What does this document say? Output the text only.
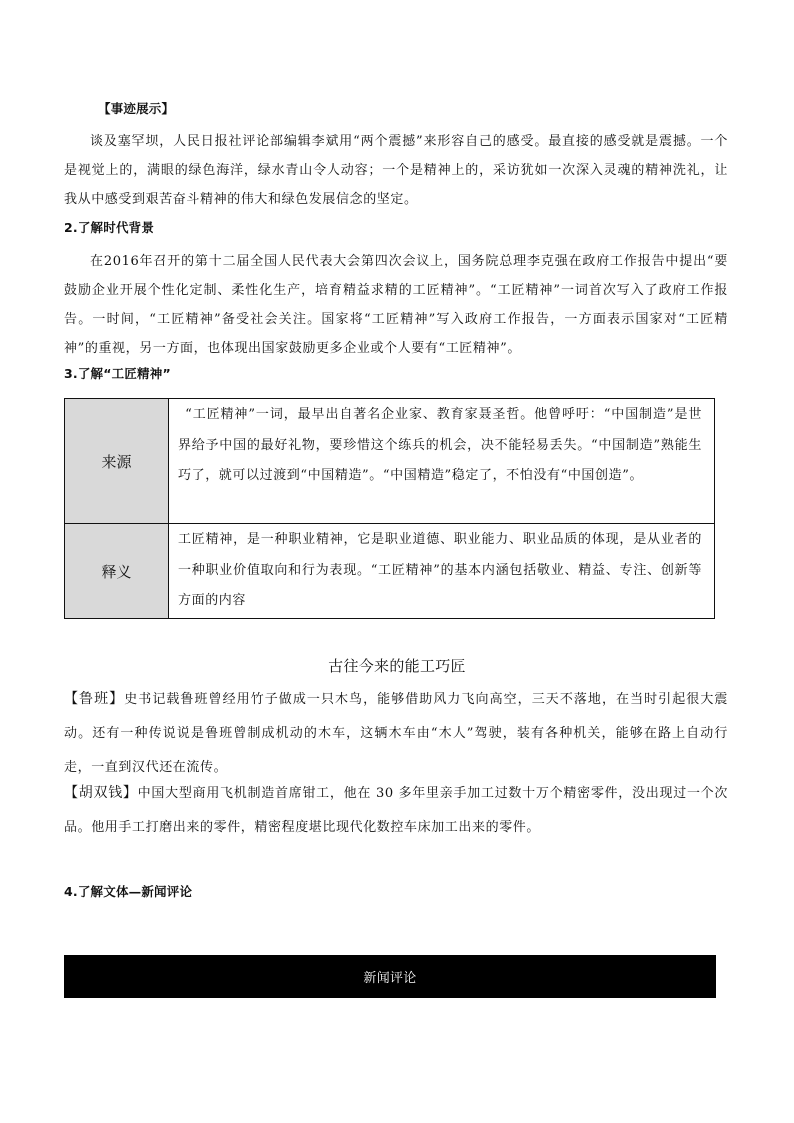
【事迹展示】

谈及塞罕坝，人民日报社评论部编辑李斌用“两个震撼”来形容自己的感受。最直接的感受就是震撼。一个是视觉上的，满眼的绿色海洋，绿水青山令人动容；一个是精神上的，采访犹如一次深入灵魂的精神洗礼，让我从中感受到艰苦奋斗精神的伟大和绿色发展信念的坚定。

2.了解时代背景

在2016年召开的第十二届全国人民代表大会第四次会议上，国务院总理李克强在政府工作报告中提出“要鼓励企业开展个性化定制、柔性化生产，培育精益求精的工匠精神”。“工匠精神”一词首次写入了政府工作报告。一时间，“工匠精神”备受社会关注。国家将“工匠精神”写入政府工作报告，一方面表示国家对“工匠精神”的重视，另一方面，也体现出国家鼓励更多企业或个人要有“工匠精神”。

3.了解“工匠精神”
来源

“工匠精神”一词，最早出自著名企业家、教育家聂圣哲。他曾呼吁：“中国制造”是世界给予中国的最好礼物，要珍惜这个练兵的机会，决不能轻易丢失。“中国制造”熟能生巧了，就可以过渡到“中国精造”。“中国精造”稳定了，不怕没有“中国创造”。

释义

工匠精神，是一种职业精神，它是职业道德、职业能力、职业品质的体现，是从业者的一种职业价值取向和行为表现。“工匠精神”的基本内涵包括敬业、精益、专注、创新等方面的内容

古往今来的能工巧匠
【鲁班】史书记载鲁班曾经用竹子做成一只木鸟，能够借助风力飞向高空，三天不落地，在当时引起很大震动。还有一种传说说是鲁班曾制成机动的木车，这辆木车由“木人”驾驶，装有各种机关，能够在路上自动行走，一直到汉代还在流传。
【胡双钱】中国大型商用飞机制造首席钳工，他在 30 多年里亲手加工过数十万个精密零件，没出现过一个次品。他用手工打磨出来的零件，精密程度堪比现代化数控车床加工出来的零件。
4.了解文体—新闻评论
新闻评论
